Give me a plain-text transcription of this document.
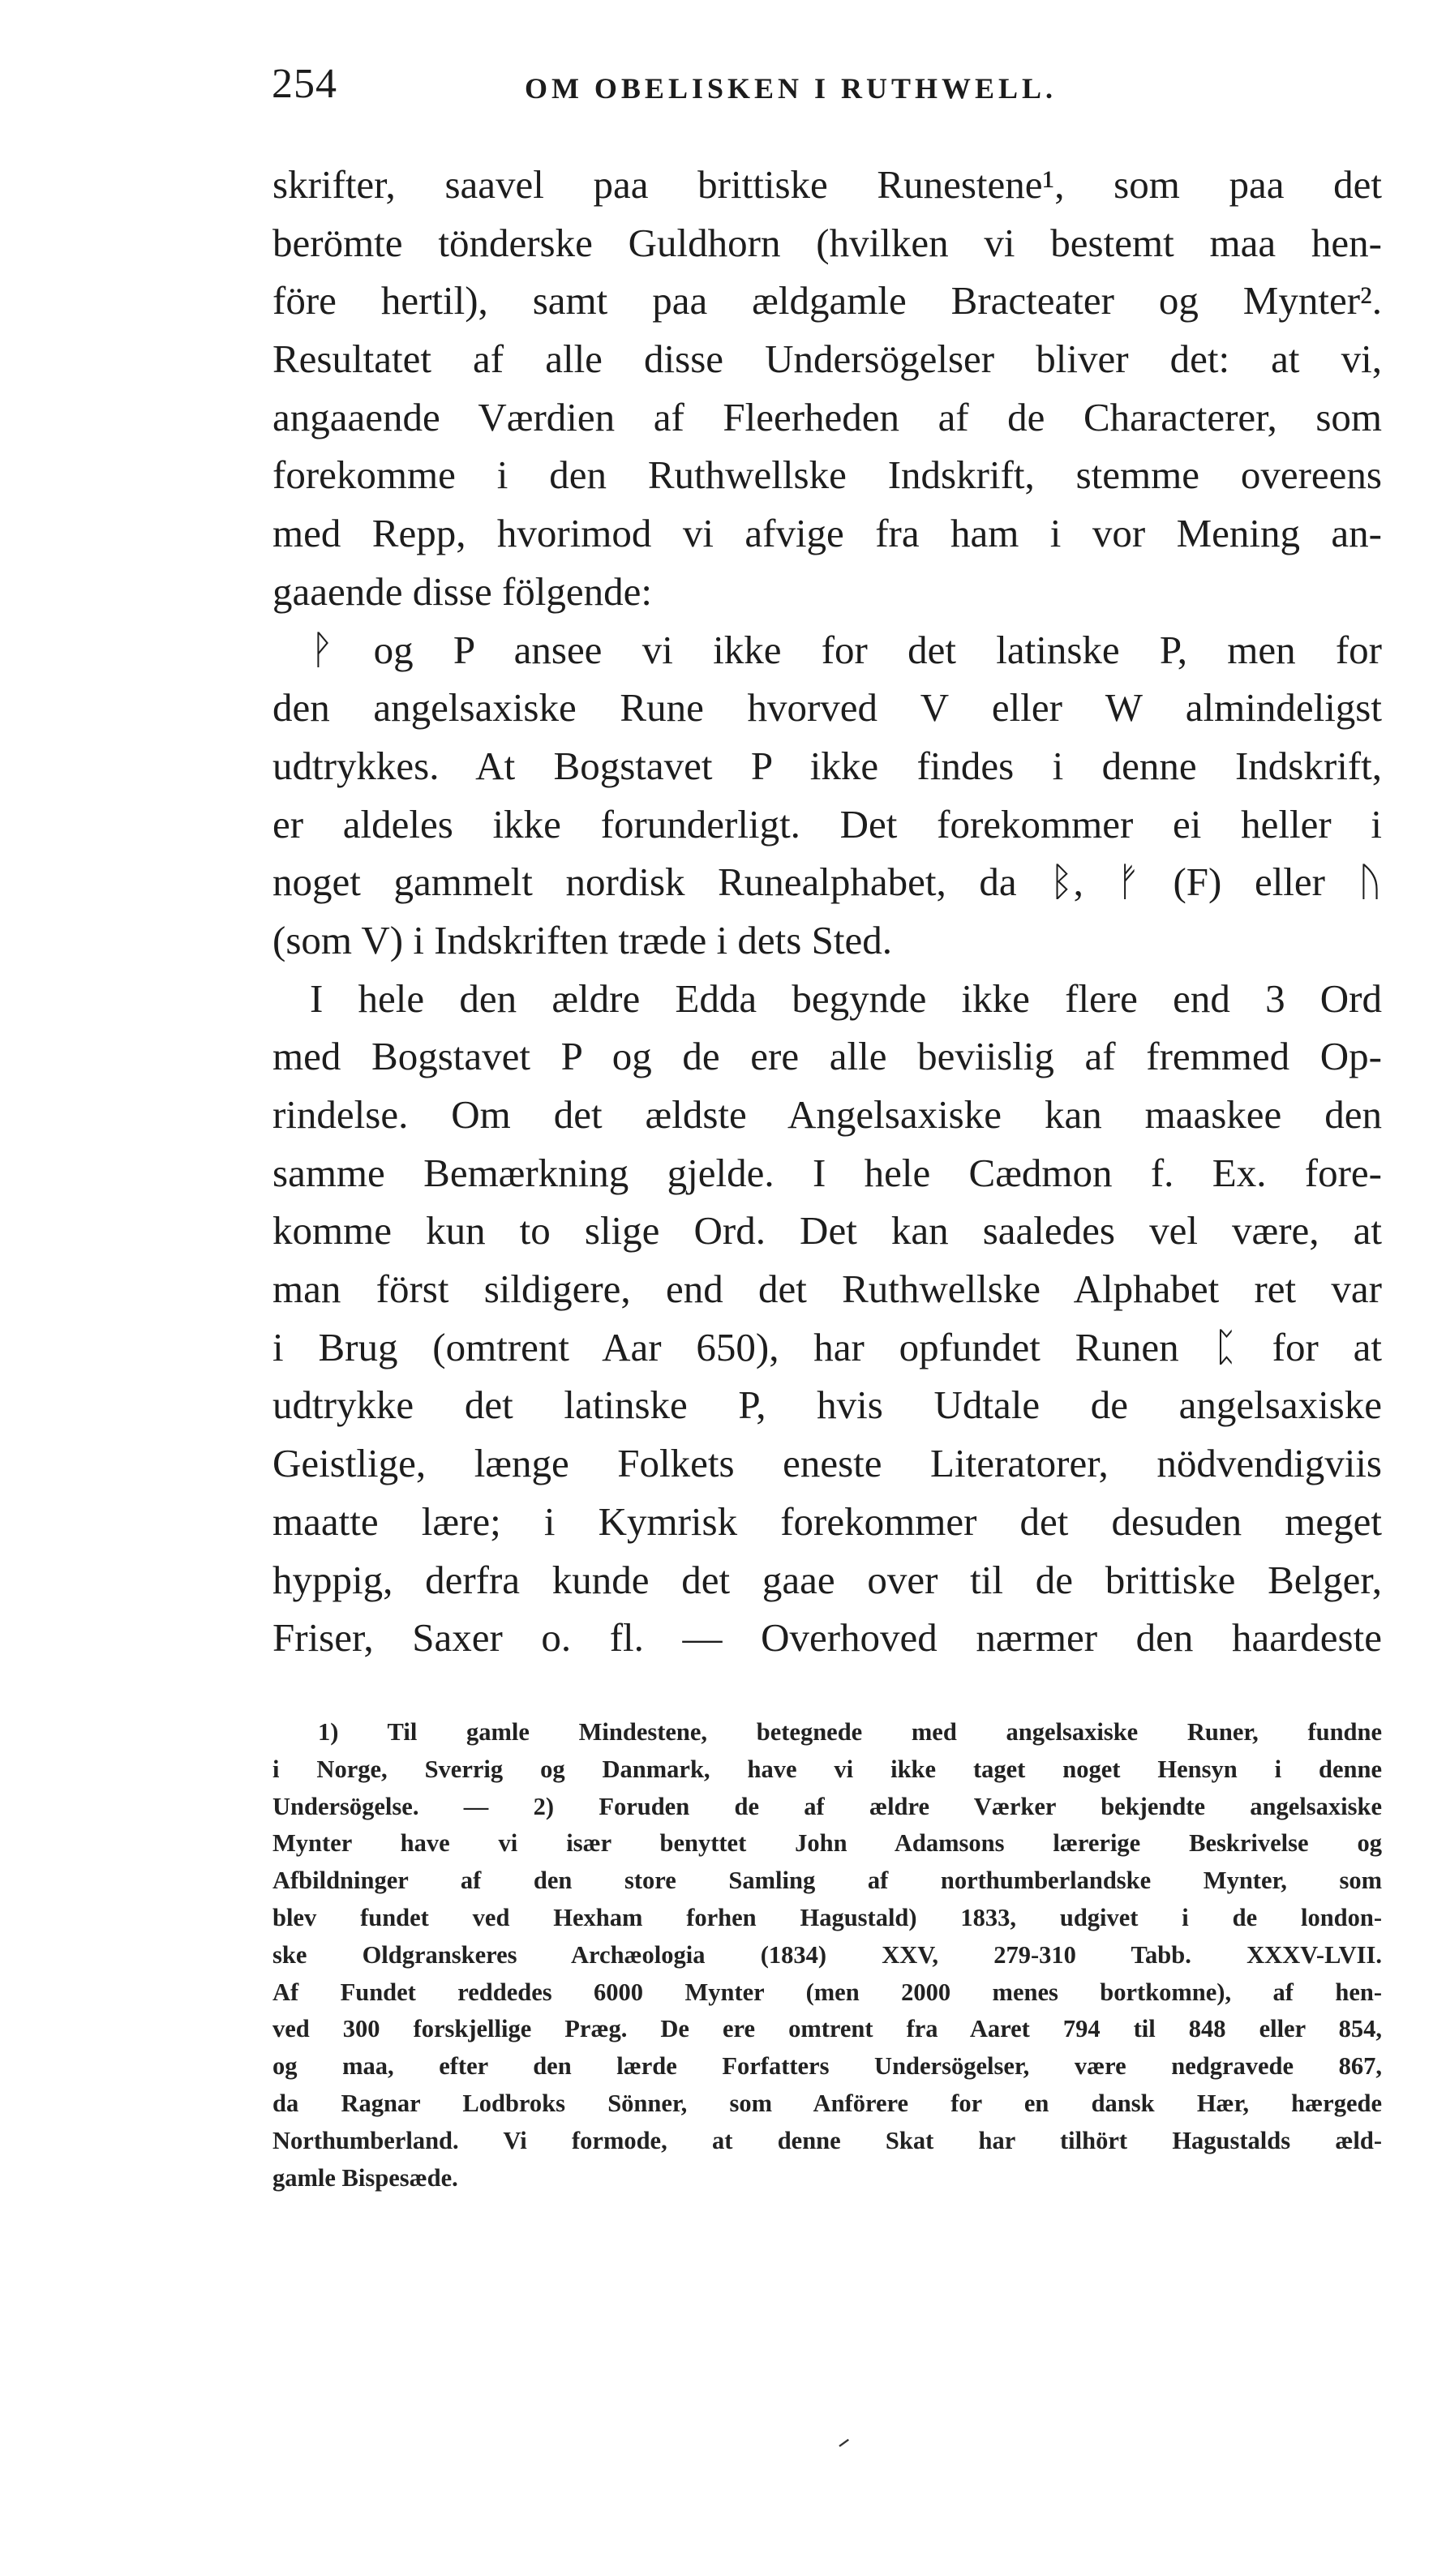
254	OM OBELISKEN I RUTHWELL.
skrifter, saavel paa brittiske Runestene¹, som paa det
berömte tönderske Guldhorn (hvilken vi bestemt maa hen-
före hertil), samt paa ældgamle Bracteater og Mynter².
Resultatet af alle disse Undersögelser bliver det: at vi,
angaaende Værdien af Fleerheden af de Characterer, som
forekomme i den Ruthwellske Indskrift, stemme overeens
med Repp, hvorimod vi afvige fra ham i vor Mening an-
gaaende disse fölgende:
ᚹ og P ansee vi ikke for det latinske P, men for
den angelsaxiske Rune hvorved V eller W almindeligst
udtrykkes. At Bogstavet P ikke findes i denne Indskrift,
er aldeles ikke forunderligt. Det forekommer ei heller i
noget gammelt nordisk Runealphabet, da ᛒ, ᚠ (F) eller ᚢ
(som V) i Indskriften træde i dets Sted.
I hele den ældre Edda begynde ikke flere end 3 Ord
med Bogstavet P og de ere alle beviislig af fremmed Op-
rindelse. Om det ældste Angelsaxiske kan maaskee den
samme Bemærkning gjelde. I hele Cædmon f. Ex. fore-
komme kun to slige Ord. Det kan saaledes vel være, at
man först sildigere, end det Ruthwellske Alphabet ret var
i Brug (omtrent Aar 650), har opfundet Runen ᛈ for at
udtrykke det latinske P, hvis Udtale de angelsaxiske
Geistlige, længe Folkets eneste Literatorer, nödvendigviis
maatte lære; i Kymrisk forekommer det desuden meget
hyppig, derfra kunde det gaae over til de brittiske Belger,
Friser, Saxer o. fl. — Overhoved nærmer den haardeste
1) Til gamle Mindestene, betegnede med angelsaxiske Runer, fundne
i Norge, Sverrig og Danmark, have vi ikke taget noget Hensyn i denne
Undersögelse. — 2) Foruden de af ældre Værker bekjendte angelsaxiske
Mynter have vi især benyttet John Adamsons lærerige Beskrivelse og
Afbildninger af den store Samling af northumberlandske Mynter, som
blev fundet ved Hexham forhen Hagustald) 1833, udgivet i de london-
ske Oldgranskeres Archæologia (1834) XXV, 279-310 Tabb. XXXV-LVII.
Af Fundet reddedes 6000 Mynter (men 2000 menes bortkomne), af hen-
ved 300 forskjellige Præg. De ere omtrent fra Aaret 794 til 848 eller 854,
og maa, efter den lærde Forfatters Undersögelser, være nedgravede 867,
da Ragnar Lodbroks Sönner, som Anförere for en dansk Hær, hærgede
Northumberland. Vi formode, at denne Skat har tilhört Hagustalds æld-
gamle Bispesæde.
ᐟ
